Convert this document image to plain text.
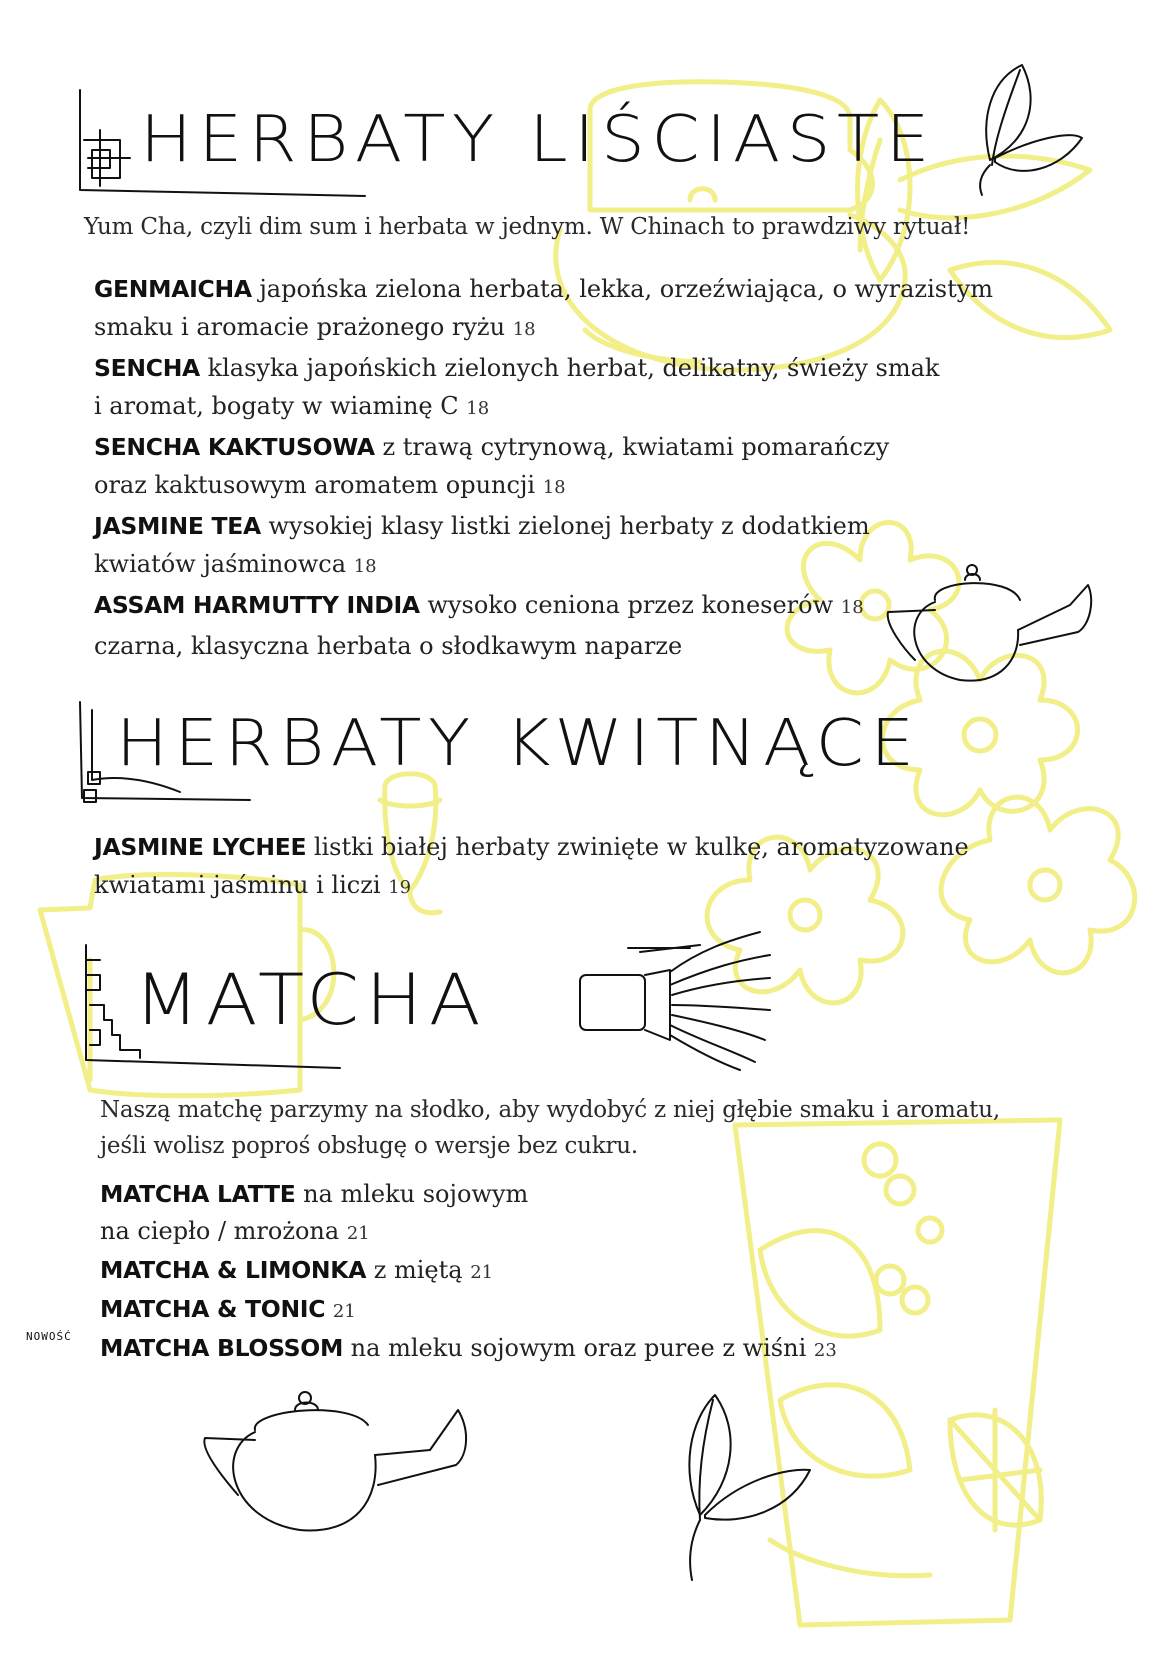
HERBATY LIŚCIASTE
Yum Cha, czyli dim sum i herbata w jednym. W Chinach to prawdziwy rytuał!

GENMAICHA japońska zielona herbata, lekka, orzeźwiająca, o wyrazistym
smaku i aromacie prażonego ryżu 18

SENCHA klasyka japońskich zielonych herbat, delikatny, świeży smak
i aromat, bogaty w wiaminę C 18

SENCHA KAKTUSOWA z trawą cytrynową, kwiatami pomarańczy
oraz kaktusowym aromatem opuncji 18

JASMINE TEA wysokiej klasy listki zielonej herbaty z dodatkiem
kwiatów jaśminowca 18

ASSAM HARMUTTY INDIA wysoko ceniona przez koneserów 18
czarna, klasyczna herbata o słodkawym naparze

HERBATY KWITNĄCE

JASMINE LYCHEE listki białej herbaty zwinięte w kulkę, aromatyzowane
kwiatami jaśminu i liczi 19

MATCHA
Naszą matchę parzymy na słodko, aby wydobyć z niej głębie smaku i aromatu,
jeśli wolisz poproś obsługę o wersje bez cukru.

MATCHA LATTE na mleku sojowym
na ciepło / mrożona 21

MATCHA & LIMONKA z miętą 21

MATCHA & TONIC 21

MATCHA BLOSSOM na mleku sojowym oraz puree z wiśni 23

NOWOŚĆ
